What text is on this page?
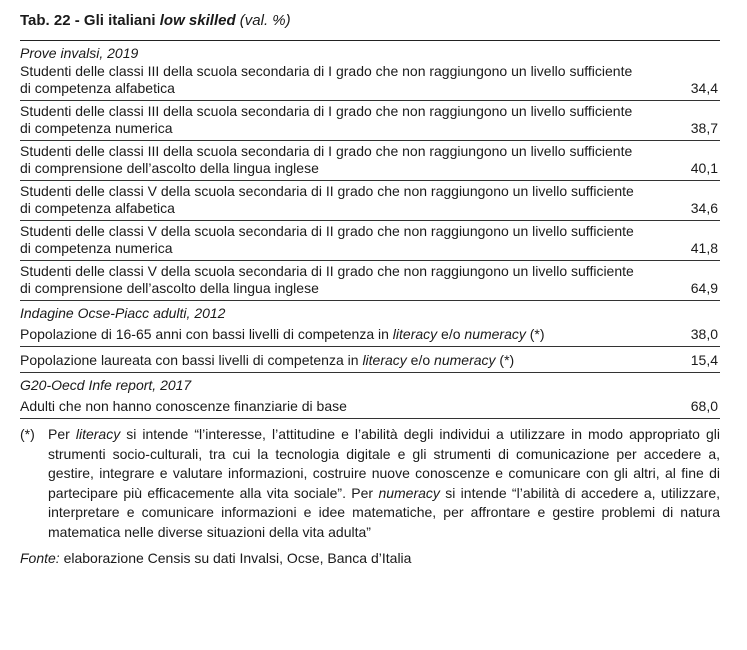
Tab. 22 - Gli italiani low skilled (val. %)
Prove invalsi, 2019
Studenti delle classi III della scuola secondaria di I grado che non raggiungono un livello sufficiente di competenza alfabetica	34,4
Studenti delle classi III della scuola secondaria di I grado che non raggiungono un livello sufficiente di competenza numerica	38,7
Studenti delle classi III della scuola secondaria di I grado che non raggiungono un livello sufficiente di comprensione dell’ascolto della lingua inglese	40,1
Studenti delle classi V della scuola secondaria di II grado che non raggiungono un livello sufficiente di competenza alfabetica	34,6
Studenti delle classi V della scuola secondaria di II grado che non raggiungono un livello sufficiente di competenza numerica	41,8
Studenti delle classi V della scuola secondaria di II grado che non raggiungono un livello sufficiente di comprensione dell’ascolto della lingua inglese	64,9
Indagine Ocse-Piacc adulti, 2012
Popolazione di 16-65 anni con bassi livelli di competenza in literacy e/o numeracy (*)	38,0
Popolazione laureata con bassi livelli di competenza in literacy e/o numeracy (*)	15,4
G20-Oecd Infe report, 2017
Adulti che non hanno conoscenze finanziarie di base	68,0
(*) Per literacy si intende “l’interesse, l’attitudine e l’abilità degli individui a utilizzare in modo appropriato gli strumenti socio-culturali, tra cui la tecnologia digitale e gli strumenti di comunicazione per accedere a, gestire, integrare e valutare informazioni, costruire nuove conoscenze e comunicare con gli altri, al fine di partecipare più efficacemente alla vita sociale”. Per numeracy si intende “l’abilità di accedere a, utilizzare, interpretare e comunicare informazioni e idee matematiche, per affrontare e gestire problemi di natura matematica nelle diverse situazioni della vita adulta”
Fonte: elaborazione Censis su dati Invalsi, Ocse, Banca d’Italia
